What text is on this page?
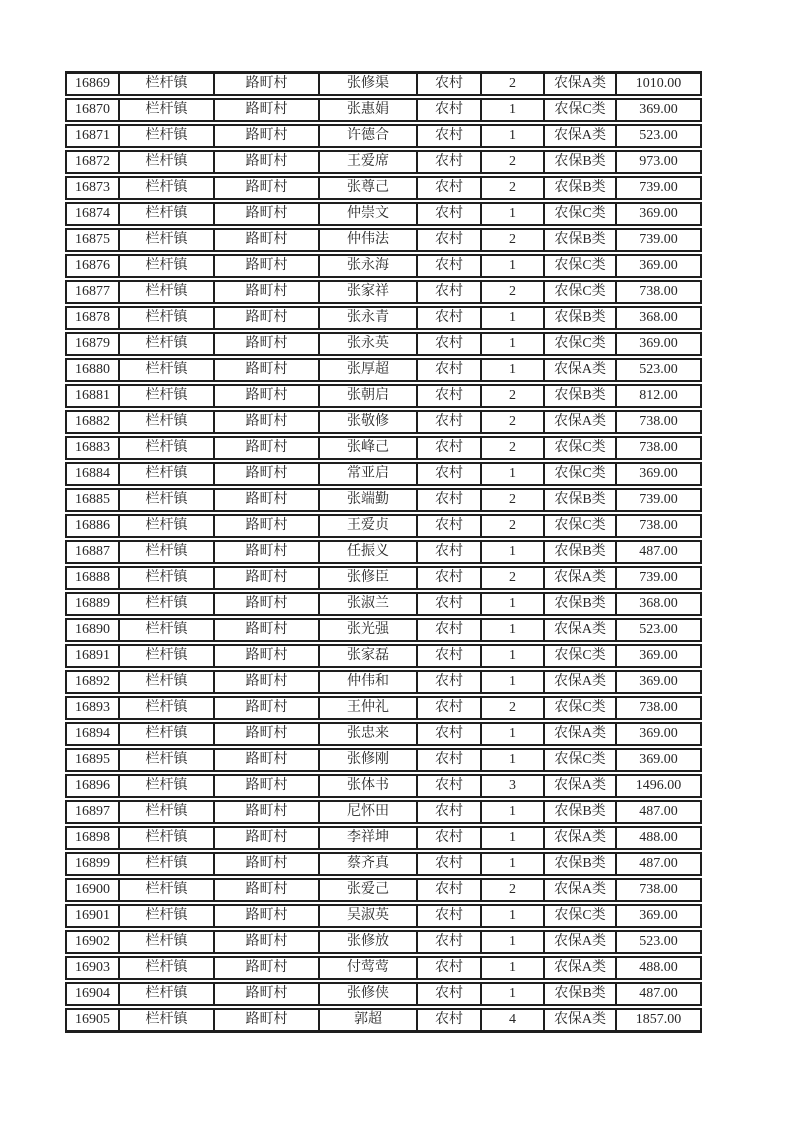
16869	栏杆镇	路町村	张修渠	农村	2	农保A类	1010.00
16870	栏杆镇	路町村	张惠娟	农村	1	农保C类	369.00
16871	栏杆镇	路町村	许德合	农村	1	农保A类	523.00
16872	栏杆镇	路町村	王爱席	农村	2	农保B类	973.00
16873	栏杆镇	路町村	张尊己	农村	2	农保B类	739.00
16874	栏杆镇	路町村	仲崇文	农村	1	农保C类	369.00
16875	栏杆镇	路町村	仲伟法	农村	2	农保B类	739.00
16876	栏杆镇	路町村	张永海	农村	1	农保C类	369.00
16877	栏杆镇	路町村	张家祥	农村	2	农保C类	738.00
16878	栏杆镇	路町村	张永青	农村	1	农保B类	368.00
16879	栏杆镇	路町村	张永英	农村	1	农保C类	369.00
16880	栏杆镇	路町村	张厚超	农村	1	农保A类	523.00
16881	栏杆镇	路町村	张朝启	农村	2	农保B类	812.00
16882	栏杆镇	路町村	张敬修	农村	2	农保A类	738.00
16883	栏杆镇	路町村	张峰己	农村	2	农保C类	738.00
16884	栏杆镇	路町村	常亚启	农村	1	农保C类	369.00
16885	栏杆镇	路町村	张端勤	农村	2	农保B类	739.00
16886	栏杆镇	路町村	王爱贞	农村	2	农保C类	738.00
16887	栏杆镇	路町村	任振义	农村	1	农保B类	487.00
16888	栏杆镇	路町村	张修臣	农村	2	农保A类	739.00
16889	栏杆镇	路町村	张淑兰	农村	1	农保B类	368.00
16890	栏杆镇	路町村	张光强	农村	1	农保A类	523.00
16891	栏杆镇	路町村	张家磊	农村	1	农保C类	369.00
16892	栏杆镇	路町村	仲伟和	农村	1	农保A类	369.00
16893	栏杆镇	路町村	王仲礼	农村	2	农保C类	738.00
16894	栏杆镇	路町村	张忠来	农村	1	农保A类	369.00
16895	栏杆镇	路町村	张修刚	农村	1	农保C类	369.00
16896	栏杆镇	路町村	张体书	农村	3	农保A类	1496.00
16897	栏杆镇	路町村	尼怀田	农村	1	农保B类	487.00
16898	栏杆镇	路町村	李祥坤	农村	1	农保A类	488.00
16899	栏杆镇	路町村	蔡齐真	农村	1	农保B类	487.00
16900	栏杆镇	路町村	张爱己	农村	2	农保A类	738.00
16901	栏杆镇	路町村	吴淑英	农村	1	农保C类	369.00
16902	栏杆镇	路町村	张修放	农村	1	农保A类	523.00
16903	栏杆镇	路町村	付莺莺	农村	1	农保A类	488.00
16904	栏杆镇	路町村	张修侠	农村	1	农保B类	487.00
16905	栏杆镇	路町村	郭超	农村	4	农保A类	1857.00
